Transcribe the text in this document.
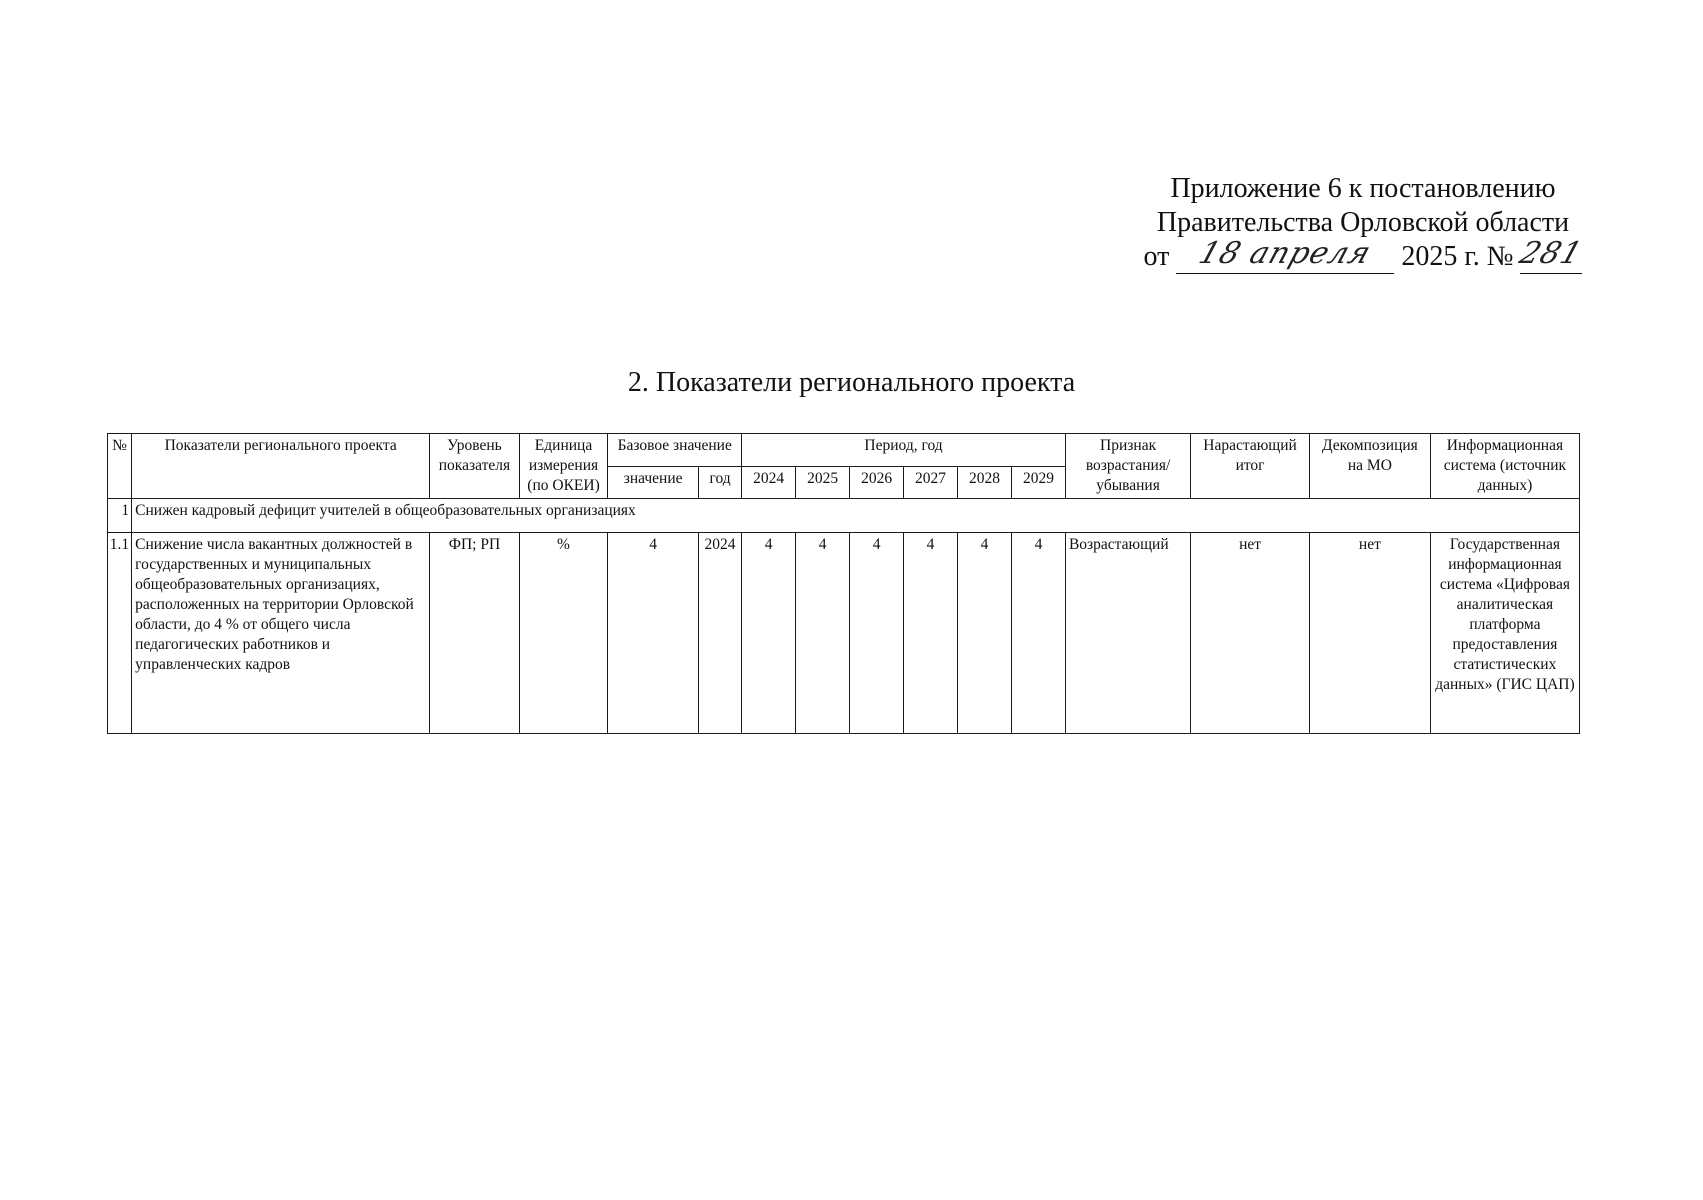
Приложение 6 к постановлению
Правительства Орловской области
от 18 апреля 2025 г. № 281
2. Показатели регионального проекта
№	Показатели регионального проекта	Уровень показателя	Единица измерения (по ОКЕИ)	Базовое значение		Период, год						Признак возрастания/ убывания	Нарастающий итог	Декомпозиция на МО	Информационная система (источник данных)
				значение	год	2024	2025	2026	2027	2028	2029				
1	Снижен кадровый дефицит учителей в общеобразовательных организациях														
1.1	Снижение числа вакантных должностей в государственных и муниципальных общеобразовательных организациях, расположенных на территории Орловской области, до 4 % от общего числа педагогических работников и управленческих кадров	ФП; РП	%	4	2024	4	4	4	4	4	4	Возрастающий	нет	нет	Государственная информационная система «Цифровая аналитическая платформа предоставления статистических данных» (ГИС ЦАП)
